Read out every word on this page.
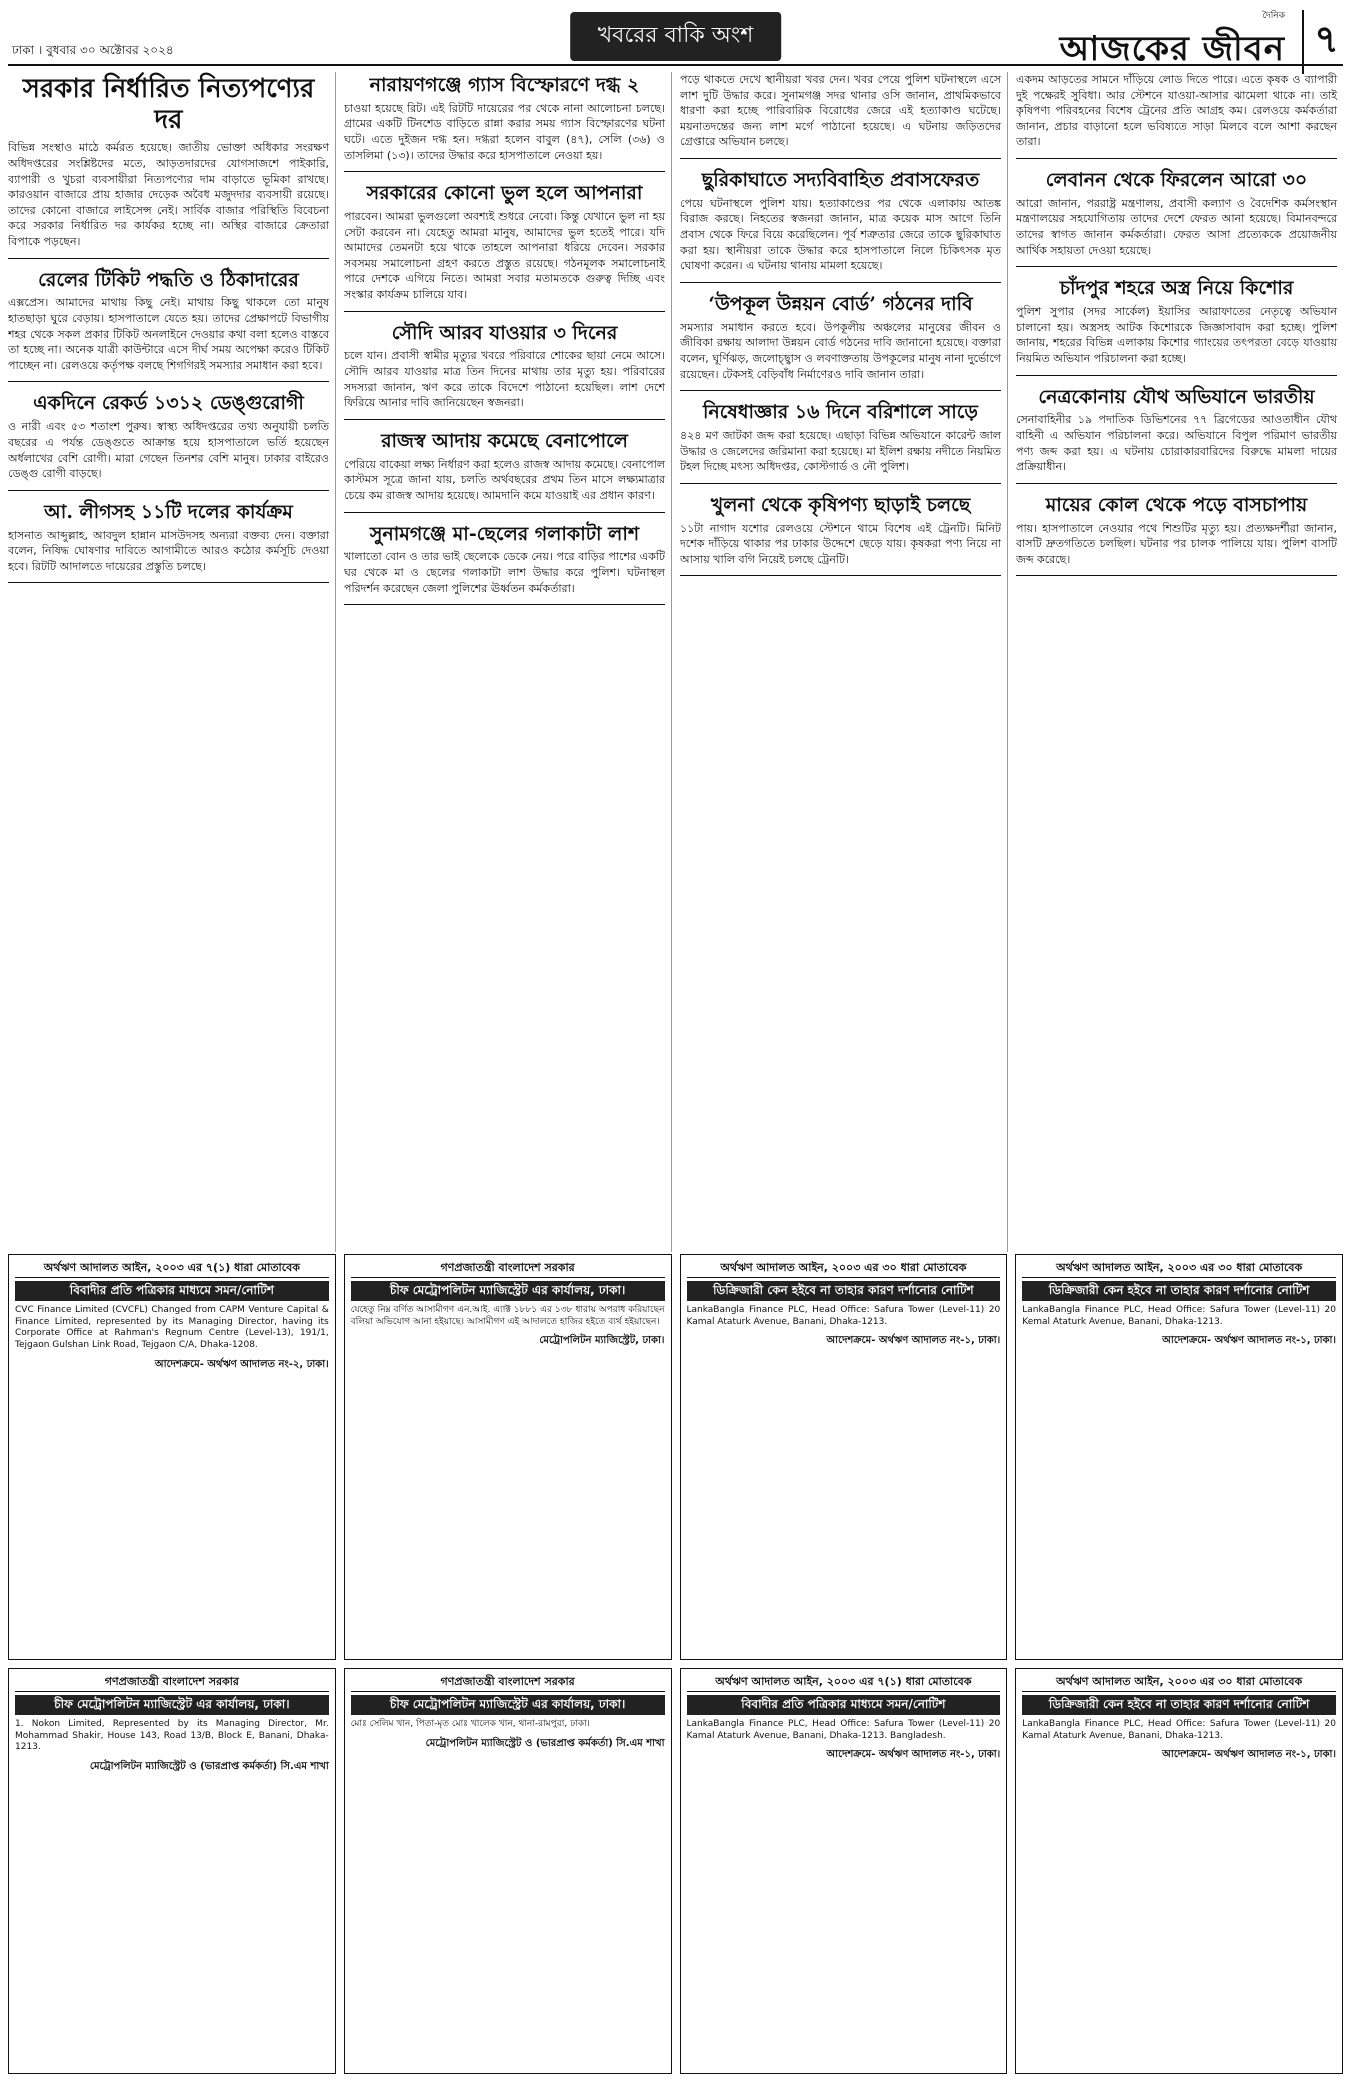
ঢাকা । বুধবার ৩০ অক্টোবর ২০২৪
খবরের বাকি অংশ
দৈনিক
আজকের জীবন ৭
সরকার নির্ধারিত নিত্যপণ্যের দর

বিভিন্ন সংস্থাও মাঠে কর্মরত হয়েছে। জাতীয় ভোক্তা অধিকার সংরক্ষণ অধিদপ্তরের সংশ্লিষ্টদের মতে, আড়তদারদের যোগসাজশে পাইকারি, ব্যাপারী ও খুচরা ব্যবসায়ীরা নিত্যপণ্যের দাম বাড়াতে ভূমিকা রাখছে। কারওয়ান বাজারে প্রায় হাজার দেড়েক অবৈধ মজুদদার ব্যবসায়ী রয়েছে। তাদের কোনো বাজারে লাইসেন্স নেই। সার্বিক বাজার পরিস্থিতি বিবেচনা করে সরকার নির্ধারিত দর কার্যকর হচ্ছে না। অস্থির বাজারে ক্রেতারা বিপাকে পড়ছেন।

রেলের টিকিট পদ্ধতি ও ঠিকাদারের

এক্সপ্রেস। আমাদের মাথায় কিছু নেই। মাথায় কিছু থাকলে তো মানুষ হাতছাড়া ঘুরে বেড়ায়। হাসপাতালে যেতে হয়। তাদের প্রেক্ষাপটে বিভাগীয় শহর থেকে সকল প্রকার টিকিট অনলাইনে দেওয়ার কথা বলা হলেও বাস্তবে তা হচ্ছে না। অনেক যাত্রী কাউন্টারে এসে দীর্ঘ সময় অপেক্ষা করেও টিকিট পাচ্ছেন না। রেলওয়ে কর্তৃপক্ষ বলছে শিগগিরই সমস্যার সমাধান করা হবে।

একদিনে রেকর্ড ১৩১২ ডেঙ্গুরোগী

ও নারী এবং ৫৩ শতাংশ পুরুষ। স্বাস্থ্য অধিদপ্তরের তথ্য অনুযায়ী চলতি বছরের এ পর্যন্ত ডেঙ্গুতে আক্রান্ত হয়ে হাসপাতালে ভর্তি হয়েছেন অর্ধলাখের বেশি রোগী। মারা গেছেন তিনশর বেশি মানুষ। ঢাকার বাইরেও ডেঙ্গু রোগী বাড়ছে।

আ. লীগসহ ১১টি দলের কার্যক্রম

হাসনাত আব্দুল্লাহ, আবদুল হান্নান মাসউদসহ অন্যরা বক্তব্য দেন। বক্তারা বলেন, নিষিদ্ধ ঘোষণার দাবিতে আগামীতে আরও কঠোর কর্মসূচি দেওয়া হবে। রিটটি আদালতে দায়েরের প্রস্তুতি চলছে।

নারায়ণগঞ্জে গ্যাস বিস্ফোরণে দগ্ধ ২

চাওয়া হয়েছে রিট। এই রিটটি দায়েরের পর থেকে নানা আলোচনা চলছে। গ্রামের একটি টিনশেড বাড়িতে রান্না করার সময় গ্যাস বিস্ফোরণের ঘটনা ঘটে। এতে দুইজন দগ্ধ হন। দগ্ধরা হলেন বাবুল (৪৭), সেলি (৩৬) ও তাসলিমা (১৩)। তাদের উদ্ধার করে হাসপাতালে নেওয়া হয়।

সরকারের কোনো ভুল হলে আপনারা

পারবেন। আমরা ভুলগুলো অবশ্যই শুধরে নেবো। কিন্তু যেখানে ভুল না হয় সেটা করবেন না। যেহেতু আমরা মানুষ, আমাদের ভুল হতেই পারে। যদি আমাদের তেমনটা হয়ে থাকে তাহলে আপনারা ধরিয়ে দেবেন। সরকার সবসময় সমালোচনা গ্রহণ করতে প্রস্তুত রয়েছে। গঠনমূলক সমালোচনাই পারে দেশকে এগিয়ে নিতে। আমরা সবার মতামতকে গুরুত্ব দিচ্ছি এবং সংস্কার কার্যক্রম চালিয়ে যাব।

সৌদি আরব যাওয়ার ৩ দিনের

চলে যান। প্রবাসী স্বামীর মৃত্যুর খবরে পরিবারে শোকের ছায়া নেমে আসে। সৌদি আরব যাওয়ার মাত্র তিন দিনের মাথায় তার মৃত্যু হয়। পরিবারের সদস্যরা জানান, ঋণ করে তাকে বিদেশে পাঠানো হয়েছিল। লাশ দেশে ফিরিয়ে আনার দাবি জানিয়েছেন স্বজনরা।

রাজস্ব আদায় কমেছে বেনাপোলে

পেরিয়ে বাকেয়া লক্ষ্য নির্ধারণ করা হলেও রাজস্ব আদায় কমেছে। বেনাপোল কাস্টমস সূত্রে জানা যায়, চলতি অর্থবছরের প্রথম তিন মাসে লক্ষ্যমাত্রার চেয়ে কম রাজস্ব আদায় হয়েছে। আমদানি কমে যাওয়াই এর প্রধান কারণ।

সুনামগঞ্জে মা-ছেলের গলাকাটা লাশ

খালাতো বোন ও তার ভাই ছেলেকে ডেকে নেয়। পরে বাড়ির পাশের একটি ঘর থেকে মা ও ছেলের গলাকাটা লাশ উদ্ধার করে পুলিশ। ঘটনাস্থল পরিদর্শন করেছেন জেলা পুলিশের ঊর্ধ্বতন কর্মকর্তারা।

পড়ে থাকতে দেখে স্থানীয়রা খবর দেন। খবর পেয়ে পুলিশ ঘটনাস্থলে এসে লাশ দুটি উদ্ধার করে। সুনামগঞ্জ সদর থানার ওসি জানান, প্রাথমিকভাবে ধারণা করা হচ্ছে পারিবারিক বিরোধের জেরে এই হত্যাকাণ্ড ঘটেছে। ময়নাতদন্তের জন্য লাশ মর্গে পাঠানো হয়েছে। এ ঘটনায় জড়িতদের গ্রেপ্তারে অভিযান চলছে।

ছুরিকাঘাতে সদ্যবিবাহিত প্রবাসফেরত

পেয়ে ঘটনাস্থলে পুলিশ যায়। হত্যাকাণ্ডের পর থেকে এলাকায় আতঙ্ক বিরাজ করছে। নিহতের স্বজনরা জানান, মাত্র কয়েক মাস আগে তিনি প্রবাস থেকে ফিরে বিয়ে করেছিলেন। পূর্ব শত্রুতার জেরে তাকে ছুরিকাঘাত করা হয়। স্থানীয়রা তাকে উদ্ধার করে হাসপাতালে নিলে চিকিৎসক মৃত ঘোষণা করেন। এ ঘটনায় থানায় মামলা হয়েছে।

‘উপকূল উন্নয়ন বোর্ড’ গঠনের দাবি

সমস্যার সমাধান করতে হবে। উপকূলীয় অঞ্চলের মানুষের জীবন ও জীবিকা রক্ষায় আলাদা উন্নয়ন বোর্ড গঠনের দাবি জানানো হয়েছে। বক্তারা বলেন, ঘূর্ণিঝড়, জলোচ্ছ্বাস ও লবণাক্ততায় উপকূলের মানুষ নানা দুর্ভোগে রয়েছেন। টেকসই বেড়িবাঁধ নির্মাণেরও দাবি জানান তারা।

নিষেধাজ্ঞার ১৬ দিনে বরিশালে সাড়ে

৪২৪ মণ জাটকা জব্দ করা হয়েছে। এছাড়া বিভিন্ন অভিযানে কারেন্ট জাল উদ্ধার ও জেলেদের জরিমানা করা হয়েছে। মা ইলিশ রক্ষায় নদীতে নিয়মিত টহল দিচ্ছে মৎস্য অধিদপ্তর, কোস্টগার্ড ও নৌ পুলিশ।

খুলনা থেকে কৃষিপণ্য ছাড়াই চলছে

১১টা নাগাদ যশোর রেলওয়ে স্টেশনে থামে বিশেষ এই ট্রেনটি। মিনিট দশেক দাঁড়িয়ে থাকার পর ঢাকার উদ্দেশে ছেড়ে যায়। কৃষকরা পণ্য নিয়ে না আসায় খালি বগি নিয়েই চলছে ট্রেনটি।

একদম আড়তের সামনে দাঁড়িয়ে লোড দিতে পারে। এতে কৃষক ও ব্যাপারী দুই পক্ষেরই সুবিধা। আর স্টেশনে যাওয়া-আসার ঝামেলা থাকে না। তাই কৃষিপণ্য পরিবহনের বিশেষ ট্রেনের প্রতি আগ্রহ কম। রেলওয়ে কর্মকর্তারা জানান, প্রচার বাড়ানো হলে ভবিষ্যতে সাড়া মিলবে বলে আশা করছেন তারা।

লেবানন থেকে ফিরলেন আরো ৩০

আরো জানান, পররাষ্ট্র মন্ত্রণালয়, প্রবাসী কল্যাণ ও বৈদেশিক কর্মসংস্থান মন্ত্রণালয়ের সহযোগিতায় তাদের দেশে ফেরত আনা হয়েছে। বিমানবন্দরে তাদের স্বাগত জানান কর্মকর্তারা। ফেরত আসা প্রত্যেককে প্রয়োজনীয় আর্থিক সহায়তা দেওয়া হয়েছে।

চাঁদপুর শহরে অস্ত্র নিয়ে কিশোর

পুলিশ সুপার (সদর সার্কেল) ইয়াসির আরাফাতের নেতৃত্বে অভিযান চালানো হয়। অস্ত্রসহ আটক কিশোরকে জিজ্ঞাসাবাদ করা হচ্ছে। পুলিশ জানায়, শহরের বিভিন্ন এলাকায় কিশোর গ্যাংয়ের তৎপরতা বেড়ে যাওয়ায় নিয়মিত অভিযান পরিচালনা করা হচ্ছে।

নেত্রকোনায় যৌথ অভিযানে ভারতীয়

সেনাবাহিনীর ১৯ পদাতিক ডিভিশনের ৭৭ ব্রিগেডের আওতাধীন যৌথ বাহিনী এ অভিযান পরিচালনা করে। অভিযানে বিপুল পরিমাণ ভারতীয় পণ্য জব্দ করা হয়। এ ঘটনায় চোরাকারবারিদের বিরুদ্ধে মামলা দায়ের প্রক্রিয়াধীন।

মায়ের কোল থেকে পড়ে বাসচাপায়

পায়। হাসপাতালে নেওয়ার পথে শিশুটির মৃত্যু হয়। প্রত্যক্ষদর্শীরা জানান, বাসটি দ্রুতগতিতে চলছিল। ঘটনার পর চালক পালিয়ে যায়। পুলিশ বাসটি জব্দ করেছে।

অর্থঋণ আদালত আইন, ২০০৩ এর ৭(১) ধারা মোতাবেক
বিবাদীর প্রতি পত্রিকার মাধ্যমে সমন/নোটিশ
CVC Finance Limited (CVCFL) Changed from CAPM Venture Capital & Finance Limited, represented by its Managing Director, having its Corporate Office at Rahman's Regnum Centre (Level-13), 191/1, Tejgaon Gulshan Link Road, Tejgaon C/A, Dhaka-1208.
আদেশক্রমে- অর্থঋণ আদালত নং-২, ঢাকা।
গণপ্রজাতন্ত্রী বাংলাদেশ সরকার
চীফ মেট্রোপলিটন ম্যাজিস্ট্রেট এর কার্যালয়, ঢাকা।
যেহেতু নিম্ন বর্ণিত আসামীগণ এন.আই. এ্যাক্ট ১৮৮১ এর ১৩৮ ধারায় অপরাধ করিয়াছেন বলিয়া অভিযোগ আনা হইয়াছে। আসামীগণ এই আদালতে হাজির হইতে ব্যর্থ হইয়াছেন।
মেট্রোপলিটন ম্যাজিস্ট্রেট, ঢাকা।
অর্থঋণ আদালত আইন, ২০০৩ এর ৩০ ধারা মোতাবেক
ডিক্রিজারী কেন হইবে না তাহার কারণ দর্শানোর নোটিশ
LankaBangla Finance PLC, Head Office: Safura Tower (Level-11) 20 Kamal Ataturk Avenue, Banani, Dhaka-1213.
আদেশক্রমে- অর্থঋণ আদালত নং-১, ঢাকা।
অর্থঋণ আদালত আইন, ২০০৩ এর ৩০ ধারা মোতাবেক
ডিক্রিজারী কেন হইবে না তাহার কারণ দর্শানোর নোটিশ
LankaBangla Finance PLC, Head Office: Safura Tower (Level-11) 20 Kemal Ataturk Avenue, Banani, Dhaka-1213.
আদেশক্রমে- অর্থঋণ আদালত নং-১, ঢাকা।
গণপ্রজাতন্ত্রী বাংলাদেশ সরকার
চীফ মেট্রোপলিটন ম্যাজিস্ট্রেট এর কার্যালয়, ঢাকা।
1. Nokon Limited, Represented by its Managing Director, Mr. Mohammad Shakir, House 143, Road 13/B, Block E, Banani, Dhaka-1213.
মেট্রোপলিটন ম্যাজিস্ট্রেট ও (ভারপ্রাপ্ত কর্মকর্তা) সি.এম শাখা
গণপ্রজাতন্ত্রী বাংলাদেশ সরকার
চীফ মেট্রোপলিটন ম্যাজিস্ট্রেট এর কার্যালয়, ঢাকা।
মোঃ সেলিম খান, পিতা-মৃত মোঃ খালেক খান, থানা-রামপুরা, ঢাকা।
মেট্রোপলিটন ম্যাজিস্ট্রেট ও (ভারপ্রাপ্ত কর্মকর্তা) সি.এম শাখা
অর্থঋণ আদালত আইন, ২০০৩ এর ৭(১) ধারা মোতাবেক
বিবাদীর প্রতি পত্রিকার মাধ্যমে সমন/নোটিশ
LankaBangla Finance PLC, Head Office: Safura Tower (Level-11) 20 Kamal Ataturk Avenue, Banani, Dhaka-1213. Bangladesh.
আদেশক্রমে- অর্থঋণ আদালত নং-১, ঢাকা।
অর্থঋণ আদালত আইন, ২০০৩ এর ৩০ ধারা মোতাবেক
ডিক্রিজারী কেন হইবে না তাহার কারণ দর্শানোর নোটিশ
LankaBangla Finance PLC, Head Office: Safura Tower (Level-11) 20 Kamal Ataturk Avenue, Banani, Dhaka-1213.
আদেশক্রমে- অর্থঋণ আদালত নং-১, ঢাকা।
